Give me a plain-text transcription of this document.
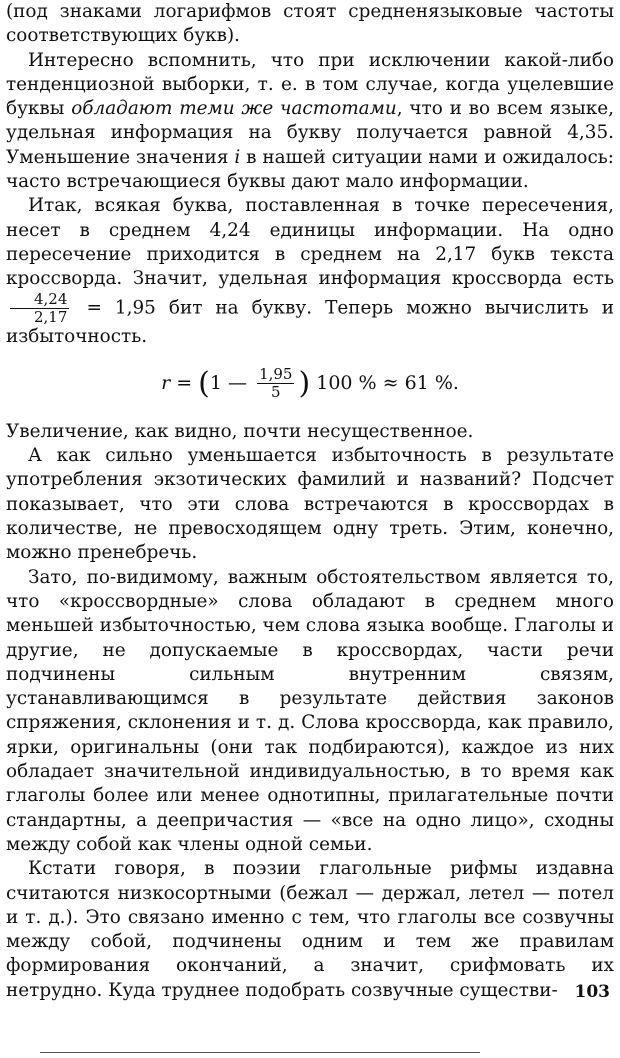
(под знаками логарифмов стоят средненязыковые частоты соответствующих букв).

Интересно вспомнить, что при исключении какой-либо тенденциозной выборки, т. е. в том случае, когда уцелевшие буквы обладают теми же частотами, что и во всем языке, удельная информация на букву получается равной 4,35. Уменьшение значения i в нашей ситуации нами и ожидалось: часто встречающиеся буквы дают мало информации.

Итак, всякая буква, поставленная в точке пересечения, несет в среднем 4,24 единицы информации. На одно пересечение приходится в среднем на 2,17 букв текста кроссворда. Значит, удельная информация кроссворда есть
$\frac{4,24}{2,17} = 1,95$ бит на букву. Теперь можно вычислить и избыточность.

r = (1 — $\frac{1,95}{5}$ ) 100 % ≈ 61 %.

Увеличение, как видно, почти несущественное.

А как сильно уменьшается избыточность в результате употребления экзотических фамилий и названий? Подсчет показывает, что эти слова встречаются в кроссвордах в количестве, не превосходящем одну треть. Этим, конечно, можно пренебречь.

Зато, по-видимому, важным обстоятельством является то, что «кроссвордные» слова обладают в среднем много меньшей избыточностью, чем слова языка вообще. Глаголы и другие, не допускаемые в кроссвордах, части речи подчинены сильным внутренним связям, устанавливающимся в результате действия законов спряжения, склонения и т. д. Слова кроссворда, как правило, ярки, оригинальны (они так подбираются), каждое из них обладает значительной индивидуальностью, в то время как глаголы более или менее однотипны, прилагательные почти стандартны, а деепричастия — «все на одно лицо», сходны между собой как члены одной семьи.

Кстати говоря, в поэзии глагольные рифмы издавна считаются низкосортными (бежал — держал, летел — потел и т. д.). Это связано именно с тем, что глаголы все созвучны между собой, подчинены одним и тем же правилам формирования окончаний, а значит, срифмовать их нетрудно. Куда труднее подобрать созвучные существи- 103
